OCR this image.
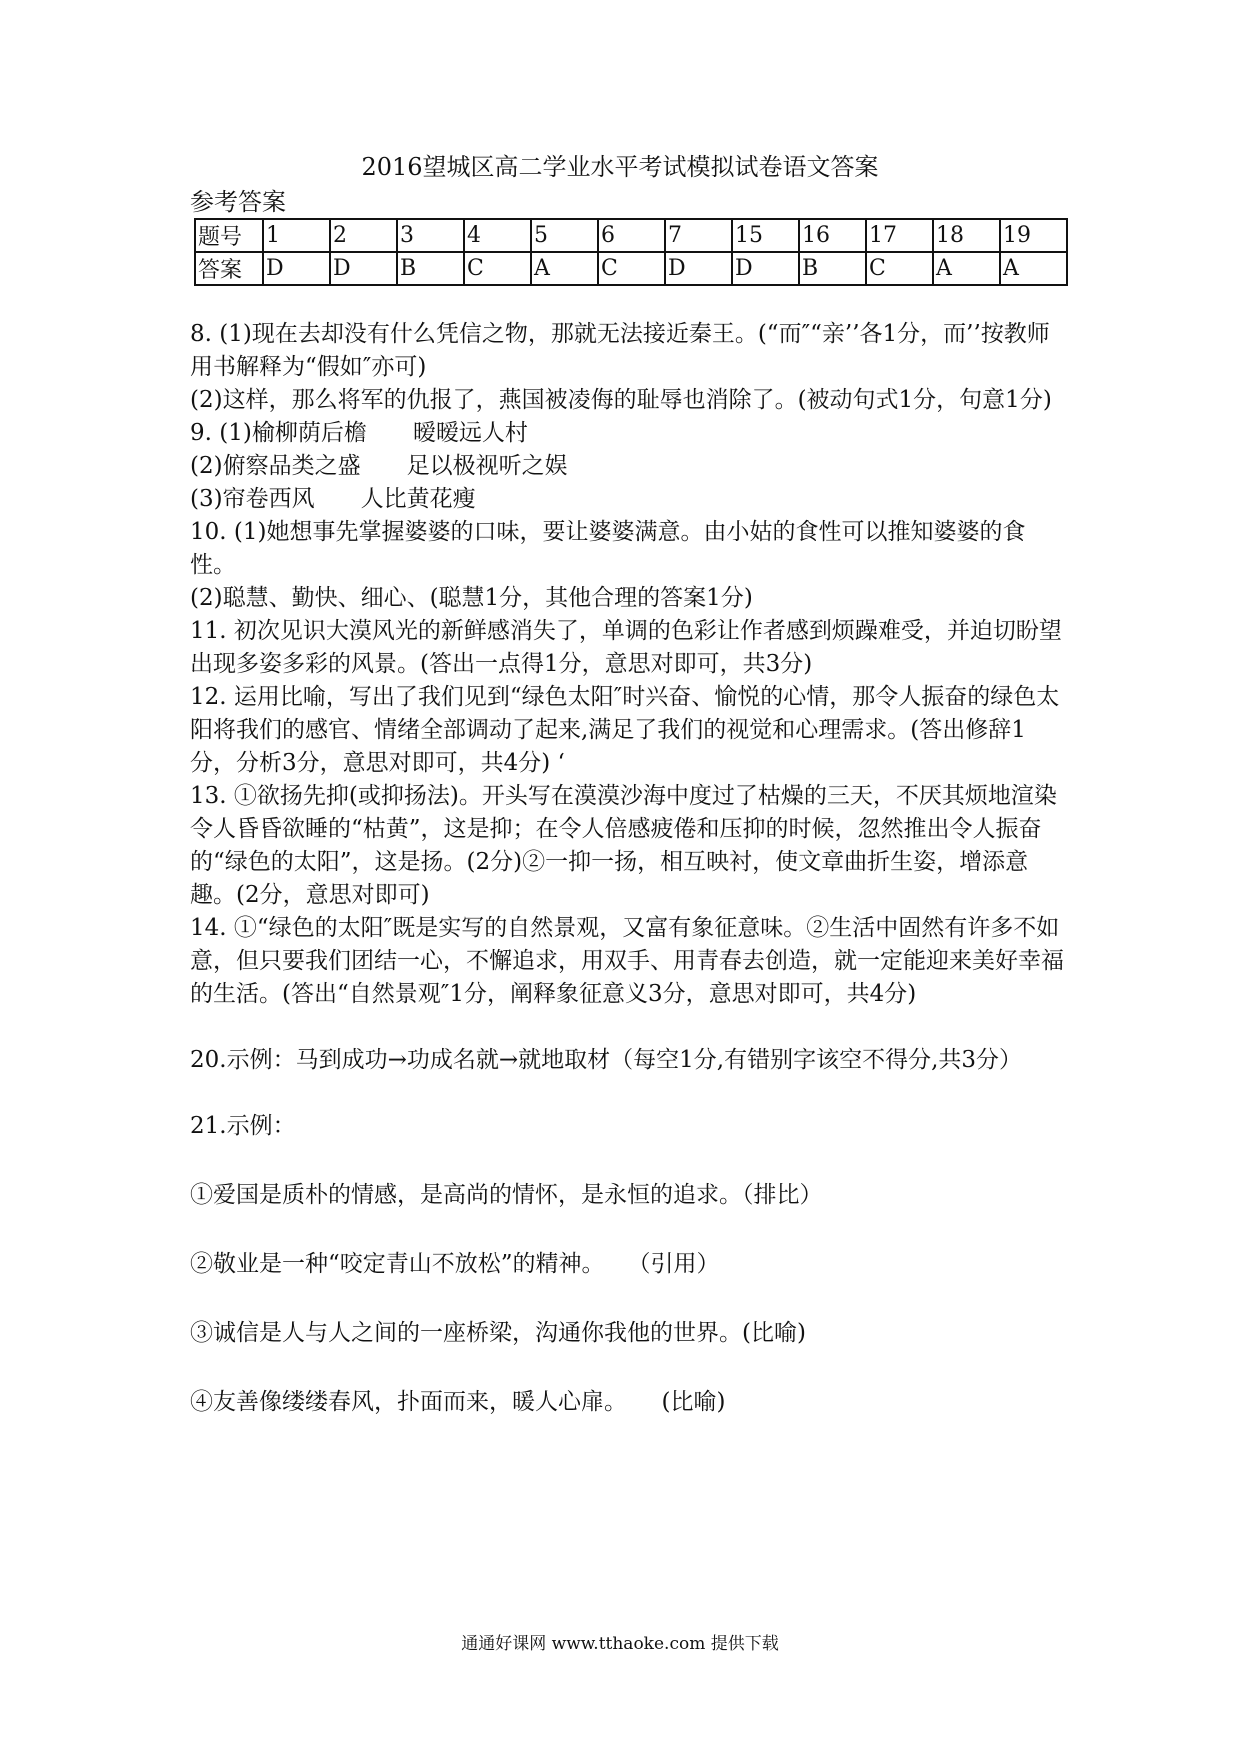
2016望城区高二学业水平考试模拟试卷语文答案
参考答案
题号	1	2	3	4	5	6	7	15	16	17	18	19
答案	D	D	B	C	A	C	D	D	B	C	A	A

8. (1)现在去却没有什么凭信之物，那就无法接近秦王。(“而″“亲’’各1分，而’’按教师用书解释为“假如″亦可)

(2)这样，那么将军的仇报了，燕国被凌侮的耻辱也消除了。(被动句式1分，句意1分)

9. (1)榆柳荫后檐　　暧暧远人村

(2)俯察品类之盛　　足以极视听之娱

(3)帘卷西风　　人比黄花瘦

10. (1)她想事先掌握婆婆的口味，要让婆婆满意。由小姑的食性可以推知婆婆的食性。

(2)聪慧、勤快、细心、(聪慧1分，其他合理的答案1分)

11. 初次见识大漠风光的新鲜感消失了，单调的色彩让作者感到烦躁难受，并迫切盼望出现多姿多彩的风景。(答出一点得1分，意思对即可，共3分)

12. 运用比喻，写出了我们见到“绿色太阳″时兴奋、愉悦的心情，那令人振奋的绿色太阳将我们的感官、情绪全部调动了起来,满足了我们的视觉和心理需求。(答出修辞1分，分析3分，意思对即可，共4分) ‘

13. ①欲扬先抑(或抑扬法)。开头写在漠漠沙海中度过了枯燥的三天，不厌其烦地渲染令人昏昏欲睡的“枯黄”，这是抑；在令人倍感疲倦和压抑的时候，忽然推出令人振奋的“绿色的太阳”，这是扬。(2分)②一抑一扬，相互映衬，使文章曲折生姿，增添意趣。(2分，意思对即可)

14. ①“绿色的太阳″既是实写的自然景观，又富有象征意味。②生活中固然有许多不如意，但只要我们团结一心，不懈追求，用双手、用青春去创造，就一定能迎来美好幸福的生活。(答出“自然景观″1分，阐释象征意义3分，意思对即可，共4分)

20.示例：马到成功→功成名就→就地取材（每空1分,有错别字该空不得分,共3分）

21.示例：

①爱国是质朴的情感，是高尚的情怀，是永恒的追求。（排比）

②敬业是一种“咬定青山不放松”的精神。　　（引用）

③诚信是人与人之间的一座桥梁，沟通你我他的世界。(比喻)

④友善像缕缕春风，扑面而来，暖人心扉。　　(比喻)

通通好课网 www.tthaoke.com 提供下载
